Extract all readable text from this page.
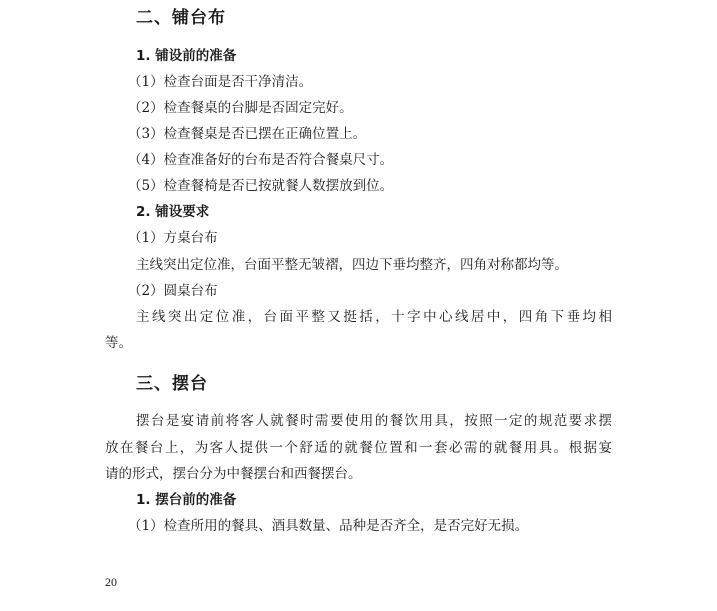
二、铺台布
1. 铺设前的准备
（1）检查台面是否干净清洁。
（2）检查餐桌的台脚是否固定完好。
（3）检查餐桌是否已摆在正确位置上。
（4）检查准备好的台布是否符合餐桌尺寸。
（5）检查餐椅是否已按就餐人数摆放到位。
2. 铺设要求
（1）方桌台布
主线突出定位准，台面平整无皱褶，四边下垂均整齐，四角对称都均等。
（2）圆桌台布
主线突出定位准，台面平整又挺括，十字中心线居中，四角下垂均相
等。
三、摆台
摆台是宴请前将客人就餐时需要使用的餐饮用具，按照一定的规范要求摆
放在餐台上，为客人提供一个舒适的就餐位置和一套必需的就餐用具。根据宴
请的形式，摆台分为中餐摆台和西餐摆台。
1. 摆台前的准备
（1）检查所用的餐具、酒具数量、品种是否齐全，是否完好无损。
20
